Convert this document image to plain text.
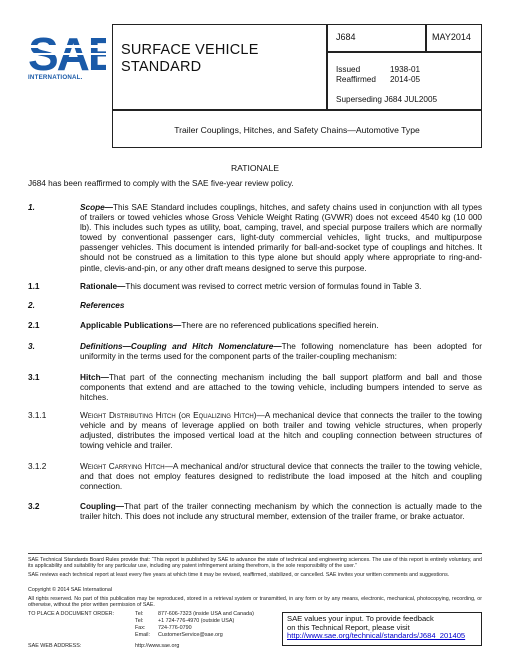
INTERNATIONAL.
SURFACE VEHICLE
STANDARD
J684	MAY2014
Issued	1938-01
Reaffirmed 2014-05
Superseding J684 JUL2005
Trailer Couplings, Hitches, and Safety Chains—Automotive Type
RATIONALE
J684 has been reaffirmed to comply with the SAE five-year review policy.
1.	Scope—This SAE Standard includes couplings, hitches, and safety chains used in conjunction with all types of trailers or towed vehicles whose Gross Vehicle Weight Rating (GVWR) does not exceed 4540 kg (10 000 lb). This includes such types as utility, boat, camping, travel, and special purpose trailers which are normally towed by conventional passenger cars, light-duty commercial vehicles, light trucks, and multipurpose passenger vehicles. This document is intended primarily for ball-and-socket type of couplings and hitches. It should not be construed as a limitation to this type alone but should apply where appropriate to ring-and-pintle, clevis-and-pin, or any other draft means designed to serve this purpose.
1.1	Rationale—This document was revised to correct metric version of formulas found in Table 3.
2.	References
2.1	Applicable Publications—There are no referenced publications specified herein.
3.	Definitions—Coupling and Hitch Nomenclature—The following nomenclature has been adopted for uniformity in the terms used for the component parts of the trailer-coupling mechanism:
3.1	Hitch—That part of the connecting mechanism including the ball support platform and ball and those components that extend and are attached to the towing vehicle, including bumpers intended to serve as hitches.
3.1.1	Weight Distributing Hitch (or Equalizing Hitch)—A mechanical device that connects the trailer to the towing vehicle and by means of leverage applied on both trailer and towing vehicle structures, when properly adjusted, distributes the imposed vertical load at the hitch and coupling connection between structures of towing vehicle and trailer.
3.1.2	Weight Carrying Hitch—A mechanical and/or structural device that connects the trailer to the towing vehicle, and that does not employ features designed to redistribute the load imposed at the hitch and coupling connection.
3.2	Coupling—That part of the trailer connecting mechanism by which the connection is actually made to the trailer hitch. This does not include any structural member, extension of the trailer frame, or brake actuator.
SAE Technical Standards Board Rules provide that: “This report is published by SAE to advance the state of technical and engineering sciences. The use of this report is entirely voluntary, and its applicability and suitability for any particular use, including any patent infringement arising therefrom, is the sole responsibility of the user.”
SAE reviews each technical report at least every five years at which time it may be revised, reaffirmed, stabilized, or cancelled. SAE invites your written comments and suggestions.
Copyright © 2014 SAE International
All rights reserved. No part of this publication may be reproduced, stored in a retrieval system or transmitted, in any form or by any means, electronic, mechanical, photocopying, recording, or otherwise, without the prior written permission of SAE.
TO PLACE A DOCUMENT ORDER:	Tel:	877-606-7323 (inside USA and Canada)
Tel:	+1 724-776-4970 (outside USA)
Fax: 724-776-0790
Email: CustomerService@sae.org
SAE WEB ADDRESS:	http://www.sae.org
SAE values your input. To provide feedback
on this Technical Report, please visit
http://www.sae.org/technical/standards/J684_201405
